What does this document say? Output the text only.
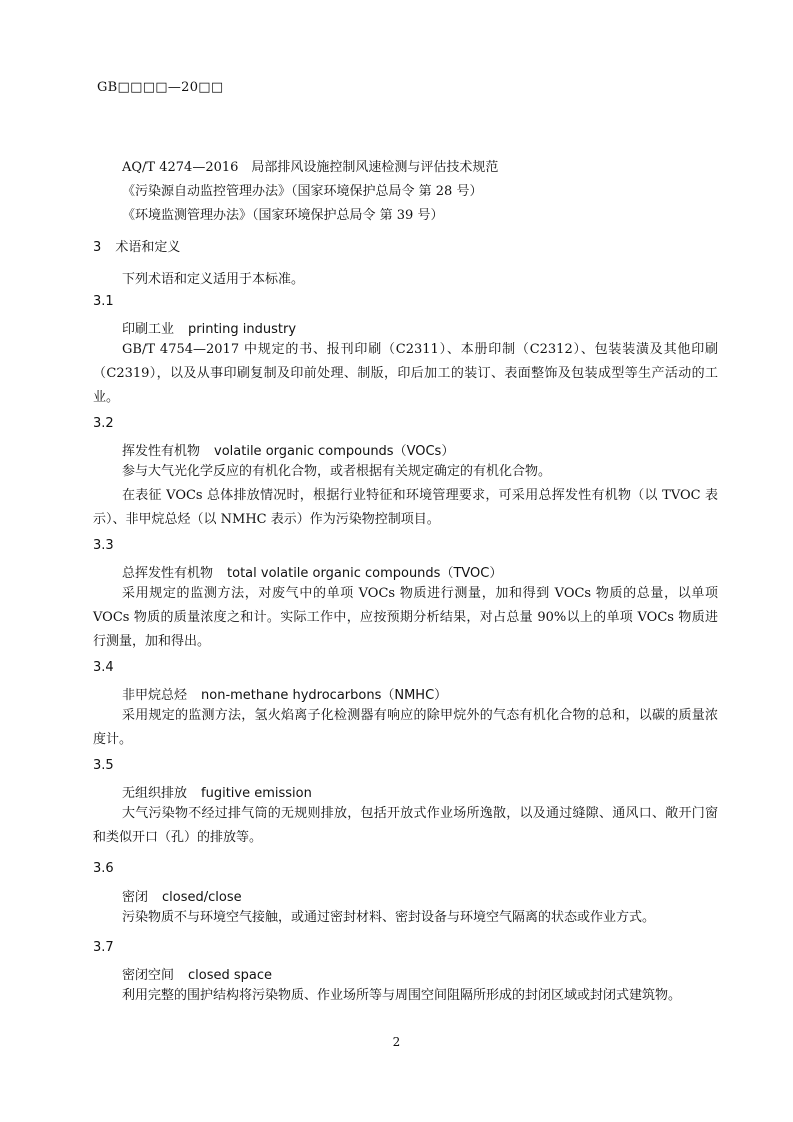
GB□□□□—20□□
AQ/T 4274—2016　局部排风设施控制风速检测与评估技术规范
《污染源自动监控管理办法》（国家环境保护总局令 第 28 号）
《环境监测管理办法》（国家环境保护总局令 第 39 号）
3 术语和定义
下列术语和定义适用于本标准。
3.1
印刷工业 printing industry
GB/T 4754—2017 中规定的书、报刊印刷（C2311）、本册印制（C2312）、包装装潢及其他印刷（C2319），以及从事印刷复制及印前处理、制版，印后加工的装订、表面整饰及包装成型等生产活动的工业。
3.2
挥发性有机物 volatile organic compounds（VOCs）
参与大气光化学反应的有机化合物，或者根据有关规定确定的有机化合物。
在表征 VOCs 总体排放情况时，根据行业特征和环境管理要求，可采用总挥发性有机物（以 TVOC 表示）、非甲烷总烃（以 NMHC 表示）作为污染物控制项目。
3.3
总挥发性有机物 total volatile organic compounds（TVOC）
采用规定的监测方法，对废气中的单项 VOCs 物质进行测量，加和得到 VOCs 物质的总量，以单项 VOCs 物质的质量浓度之和计。实际工作中，应按预期分析结果，对占总量 90%以上的单项 VOCs 物质进行测量，加和得出。
3.4
非甲烷总烃 non-methane hydrocarbons（NMHC）
采用规定的监测方法，氢火焰离子化检测器有响应的除甲烷外的气态有机化合物的总和，以碳的质量浓度计。
3.5
无组织排放 fugitive emission
大气污染物不经过排气筒的无规则排放，包括开放式作业场所逸散，以及通过缝隙、通风口、敞开门窗和类似开口（孔）的排放等。
3.6
密闭 closed/close
污染物质不与环境空气接触，或通过密封材料、密封设备与环境空气隔离的状态或作业方式。
3.7
密闭空间 closed space
利用完整的围护结构将污染物质、作业场所等与周围空间阻隔所形成的封闭区域或封闭式建筑物。
2
